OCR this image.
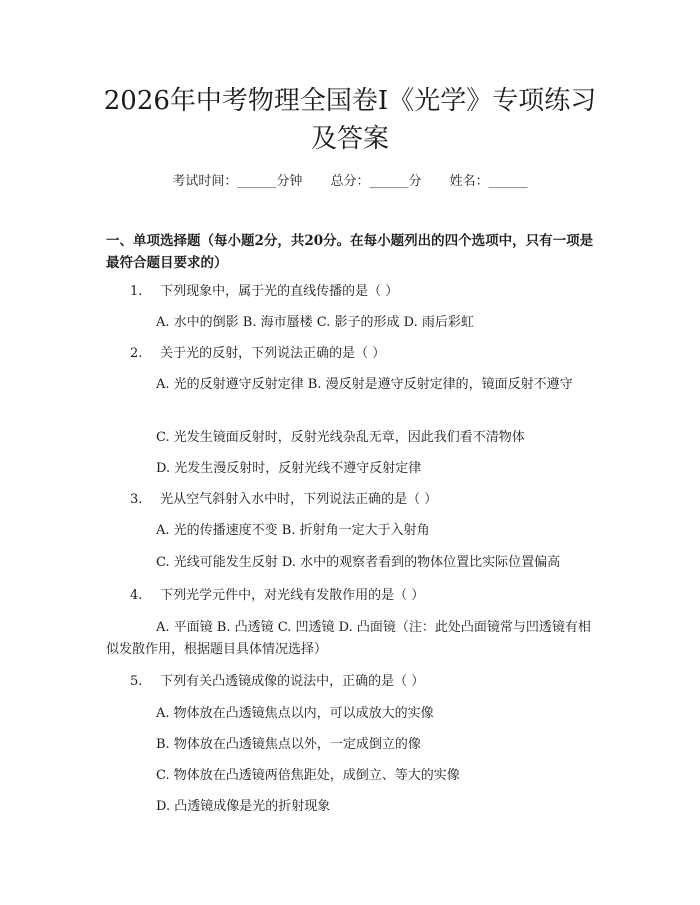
2026年中考物理全国卷Ⅰ《光学》专项练习
及答案
考试时间：______分钟 总分：______分 姓名：______
一、单项选择题（每小题2分，共20分。在每小题列出的四个选项中，只有一项是最符合题目要求的）
1. 下列现象中，属于光的直线传播的是（ ）
A. 水中的倒影 B. 海市蜃楼 C. 影子的形成 D. 雨后彩虹
2. 关于光的反射，下列说法正确的是（ ）
A. 光的反射遵守反射定律 B. 漫反射是遵守反射定律的，镜面反射不遵守
C. 光发生镜面反射时，反射光线杂乱无章，因此我们看不清物体
D. 光发生漫反射时，反射光线不遵守反射定律
3. 光从空气斜射入水中时，下列说法正确的是（ ）
A. 光的传播速度不变 B. 折射角一定大于入射角
C. 光线可能发生反射 D. 水中的观察者看到的物体位置比实际位置偏高
4. 下列光学元件中，对光线有发散作用的是（ ）
A. 平面镜 B. 凸透镜 C. 凹透镜 D. 凸面镜（注：此处凸面镜常与凹透镜有相似发散作用，根据题目具体情况选择）
5. 下列有关凸透镜成像的说法中，正确的是（ ）
A. 物体放在凸透镜焦点以内，可以成放大的实像
B. 物体放在凸透镜焦点以外，一定成倒立的像
C. 物体放在凸透镜两倍焦距处，成倒立、等大的实像
D. 凸透镜成像是光的折射现象
